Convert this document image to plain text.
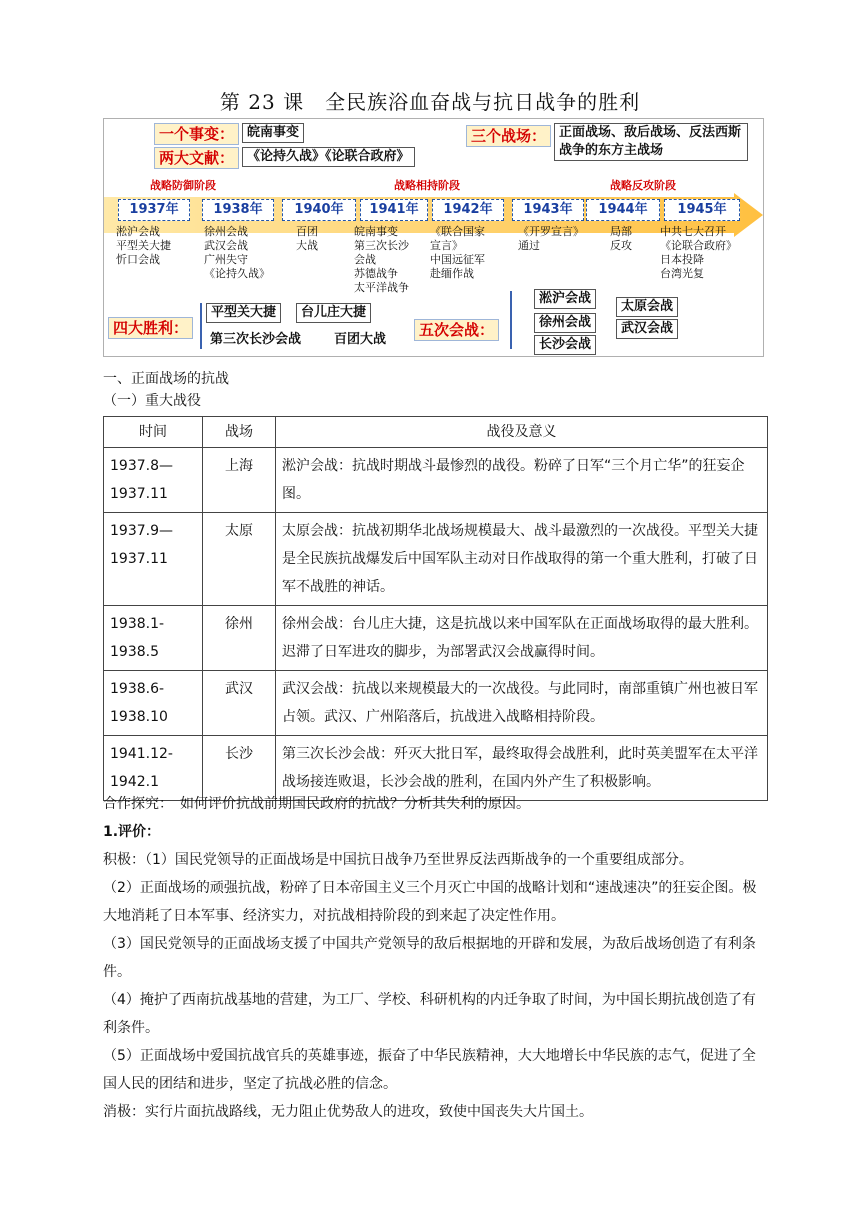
第 23 课　全民族浴血奋战与抗日战争的胜利
一个事变： 皖南事变
两大文献： 《论持久战》《论联合政府》
三个战场： 正面战场、敌后战场、反法西斯战争的东方主战场
战略防御阶段	战略相持阶段	战略反攻阶段
1937年	1938年	1940年	1941年	1942年	1943年	1944年	1945年
淞沪会战
平型关大捷
忻口会战
徐州会战
武汉会战
广州失守
《论持久战》
百团
大战
皖南事变
第三次长沙
会战
苏德战争
太平洋战争
《联合国家
宣言》
中国远征军
赴缅作战
《开罗宣言》
通过
局部
反攻
中共七大召开
《论联合政府》
日本投降
台湾光复
四大胜利：
平型关大捷	台儿庄大捷
第三次长沙会战	百团大战
五次会战：
淞沪会战
徐州会战
长沙会战
太原会战
武汉会战
一、正面战场的抗战
（一）重大战役
时间	战场	战役及意义
1937.8—
1937.11	上海	淞沪会战：抗战时期战斗最惨烈的战役。粉碎了日军“三个月亡华”的狂妄企图。
1937.9—
1937.11	太原	太原会战：抗战初期华北战场规模最大、战斗最激烈的一次战役。平型关大捷是全民族抗战爆发后中国军队主动对日作战取得的第一个重大胜利，打破了日军不战胜的神话。
1938.1-
1938.5	徐州	徐州会战：台儿庄大捷，这是抗战以来中国军队在正面战场取得的最大胜利。迟滞了日军进攻的脚步，为部署武汉会战赢得时间。
1938.6-
1938.10	武汉	武汉会战：抗战以来规模最大的一次战役。与此同时，南部重镇广州也被日军占领。武汉、广州陷落后，抗战进入战略相持阶段。
1941.12-
1942.1	长沙	第三次长沙会战：歼灭大批日军，最终取得会战胜利，此时英美盟军在太平洋战场接连败退，长沙会战的胜利，在国内外产生了积极影响。
合作探究：　如何评价抗战前期国民政府的抗战？分析其失利的原因。
1.评价：
积极：（1）国民党领导的正面战场是中国抗日战争乃至世界反法西斯战争的一个重要组成部分。
（2）正面战场的顽强抗战，粉碎了日本帝国主义三个月灭亡中国的战略计划和“速战速决”的狂妄企图。极大地消耗了日本军事、经济实力，对抗战相持阶段的到来起了决定性作用。
（3）国民党领导的正面战场支援了中国共产党领导的敌后根据地的开辟和发展，为敌后战场创造了有利条件。
（4）掩护了西南抗战基地的营建，为工厂、学校、科研机构的内迁争取了时间，为中国长期抗战创造了有利条件。
（5）正面战场中爱国抗战官兵的英雄事迹，振奋了中华民族精神，大大地增长中华民族的志气，促进了全国人民的团结和进步，坚定了抗战必胜的信念。
消极：实行片面抗战路线，无力阻止优势敌人的进攻，致使中国丧失大片国土。
